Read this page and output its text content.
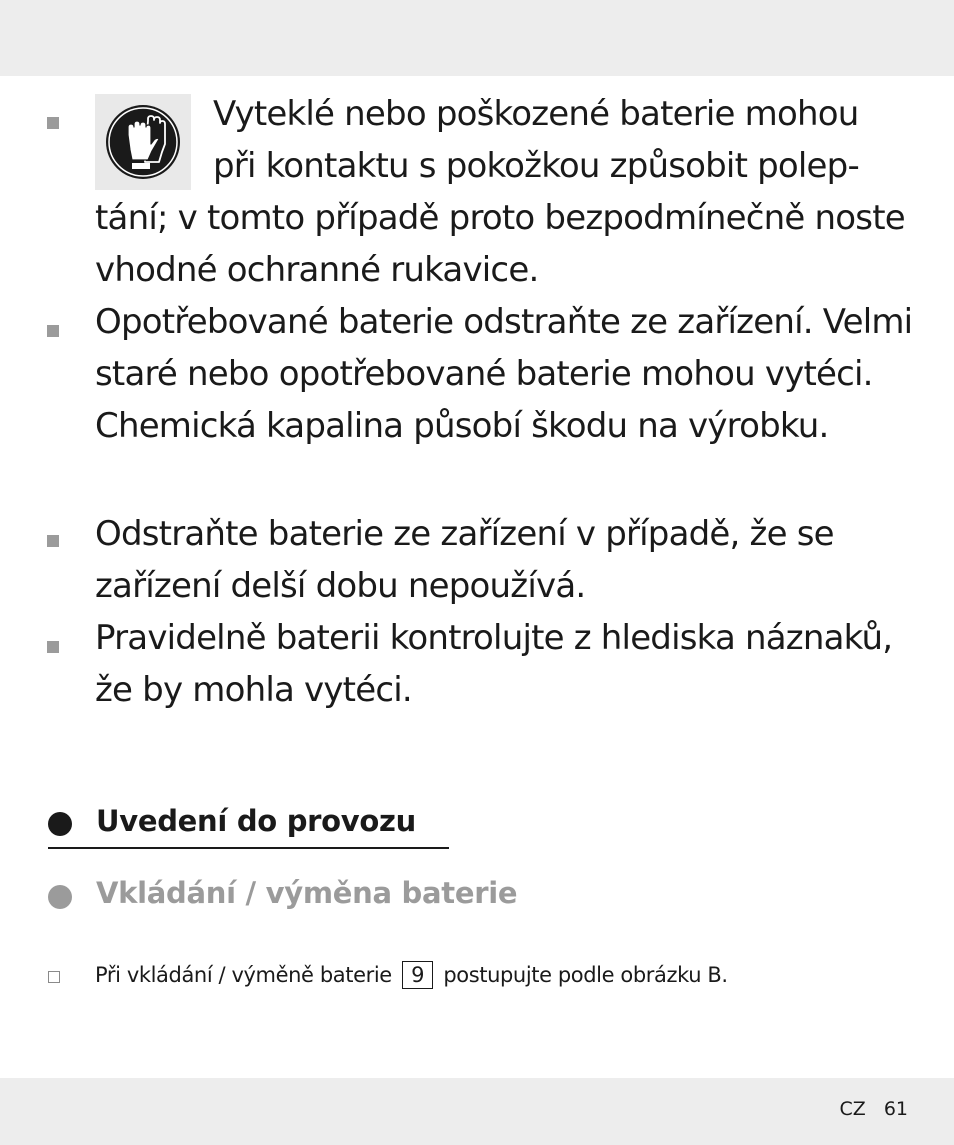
Vyteklé nebo poškozené baterie mohou
při kontaktu s pokožkou způsobit polep- tání; v tomto případě proto bezpodmínečně noste vhodné ochranné rukavice.
Opotřebované baterie odstraňte ze zařízení. Velmi staré nebo opotřebované baterie mohou vytéci. Chemická kapalina působí škodu na výrobku.
Odstraňte baterie ze zařízení v případě, že se zařízení delší dobu nepoužívá.
Pravidelně baterii kontrolujte z hlediska náznaků, že by mohla vytéci.
Uvedení do provozu
Vkládání / výměna baterie
Při vkládání / výměně baterie 9 postupujte podle obrázku B.
CZ 61
